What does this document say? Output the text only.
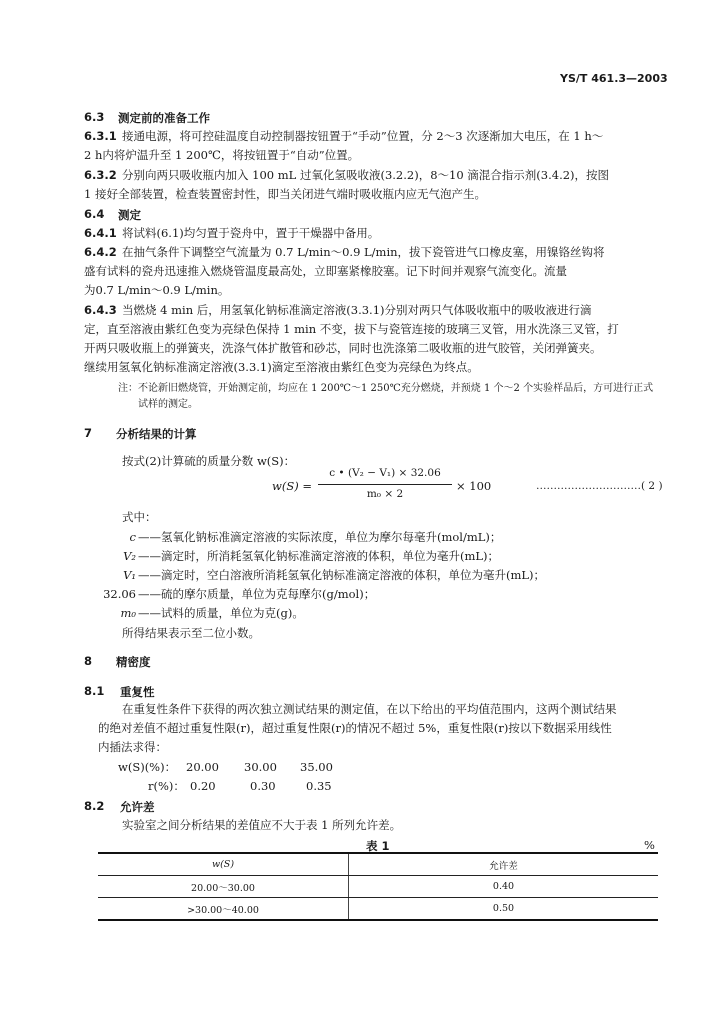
YS/T 461.3—2003
6.3 测定前的准备工作
6.3.1 接通电源，将可控硅温度自动控制器按钮置于“手动”位置，分 2～3 次逐渐加大电压，在 1 h～
2 h内将炉温升至 1 200℃，将按钮置于“自动”位置。
6.3.2 分别向两只吸收瓶内加入 100 mL 过氧化氢吸收液(3.2.2)，8～10 滴混合指示剂(3.4.2)，按图
1 接好全部装置，检查装置密封性，即当关闭进气端时吸收瓶内应无气泡产生。
6.4 测定
6.4.1 将试料(6.1)均匀置于瓷舟中，置于干燥器中备用。
6.4.2 在抽气条件下调整空气流量为 0.7 L/min～0.9 L/min，拔下瓷管进气口橡皮塞，用镍铬丝钩将
盛有试料的瓷舟迅速推入燃烧管温度最高处，立即塞紧橡胶塞。记下时间并观察气流变化。流量
为0.7 L/min～0.9 L/min。
6.4.3 当燃烧 4 min 后，用氢氧化钠标准滴定溶液(3.3.1)分别对两只气体吸收瓶中的吸收液进行滴
定，直至溶液由紫红色变为亮绿色保持 1 min 不变，拔下与瓷管连接的玻璃三叉管，用水洗涤三叉管，打
开两只吸收瓶上的弹簧夹，洗涤气体扩散管和砂芯，同时也洗涤第二吸收瓶的进气胶管，关闭弹簧夹。
继续用氢氧化钠标准滴定溶液(3.3.1)滴定至溶液由紫红色变为亮绿色为终点。
注：不论新旧燃烧管，开始测定前，均应在 1 200℃～1 250℃充分燃烧，并预烧 1 个～2 个实验样品后，方可进行正式
试样的测定。
7 分析结果的计算
按式(2)计算硫的质量分数 w(S)：
w(S) =
c • (V₂ − V₁) × 32.06
m₀ × 2
× 100	…………………………( 2 )
式中：
c ——氢氧化钠标准滴定溶液的实际浓度，单位为摩尔每毫升(mol/mL)；
V₂ ——滴定时，所消耗氢氧化钠标准滴定溶液的体积，单位为毫升(mL)；
V₁ ——滴定时，空白溶液所消耗氢氧化钠标准滴定溶液的体积，单位为毫升(mL)；
32.06 ——硫的摩尔质量，单位为克每摩尔(g/mol)；
m₀ ——试料的质量，单位为克(g)。
所得结果表示至二位小数。
8 精密度
8.1 重复性
在重复性条件下获得的两次独立测试结果的测定值，在以下给出的平均值范围内，这两个测试结果
的绝对差值不超过重复性限(r)，超过重复性限(r)的情况不超过 5%，重复性限(r)按以下数据采用线性
内插法求得：
w(S)(%)： 20.00 30.00 35.00
r(%)： 0.20	0.30	0.35
8.2 允许差
实验室之间分析结果的差值应不大于表 1 所列允许差。
表 1	%
w(S)	允许差
20.00～30.00	0.40
>30.00～40.00	0.50
